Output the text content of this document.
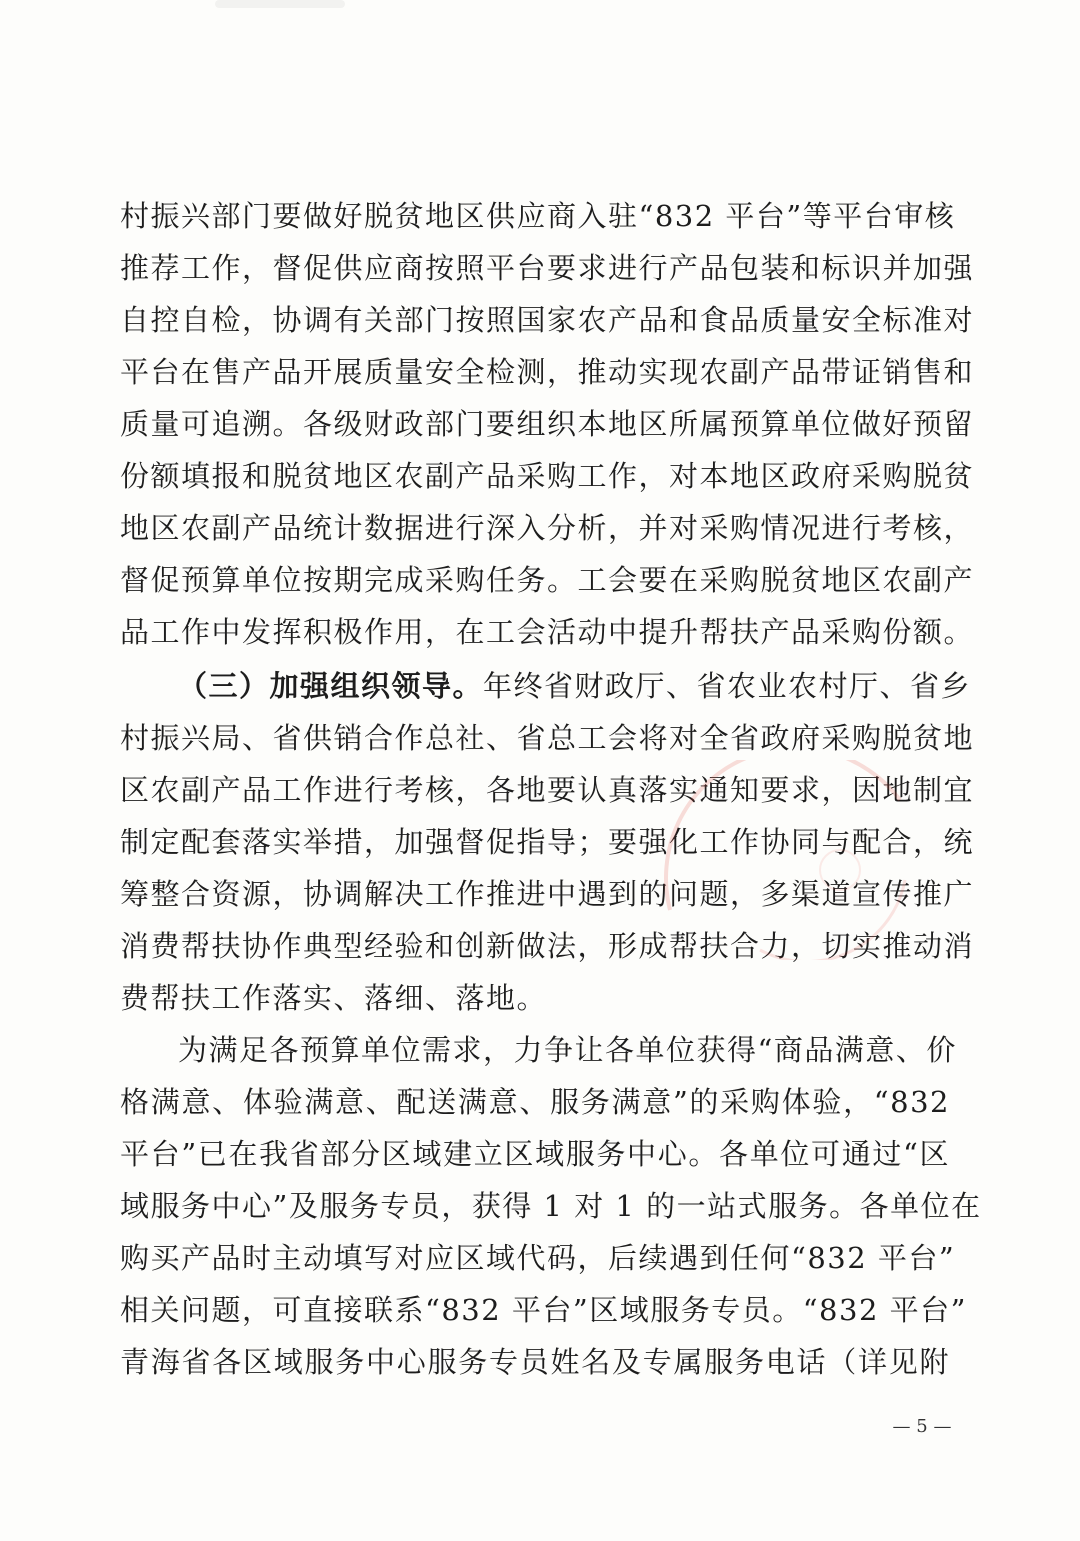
村振兴部门要做好脱贫地区供应商入驻“832 平台”等平台审核
推荐工作，督促供应商按照平台要求进行产品包装和标识并加强
自控自检，协调有关部门按照国家农产品和食品质量安全标准对
平台在售产品开展质量安全检测，推动实现农副产品带证销售和
质量可追溯。各级财政部门要组织本地区所属预算单位做好预留
份额填报和脱贫地区农副产品采购工作，对本地区政府采购脱贫
地区农副产品统计数据进行深入分析，并对采购情况进行考核，
督促预算单位按期完成采购任务。工会要在采购脱贫地区农副产
品工作中发挥积极作用，在工会活动中提升帮扶产品采购份额。
（三）加强组织领导。年终省财政厅、省农业农村厅、省乡
村振兴局、省供销合作总社、省总工会将对全省政府采购脱贫地
区农副产品工作进行考核，各地要认真落实通知要求，因地制宜
制定配套落实举措，加强督促指导；要强化工作协同与配合，统
筹整合资源，协调解决工作推进中遇到的问题，多渠道宣传推广
消费帮扶协作典型经验和创新做法，形成帮扶合力，切实推动消
费帮扶工作落实、落细、落地。
为满足各预算单位需求，力争让各单位获得“商品满意、价
格满意、体验满意、配送满意、服务满意”的采购体验，“832
平台”已在我省部分区域建立区域服务中心。各单位可通过“区
域服务中心”及服务专员，获得 1 对 1 的一站式服务。各单位在
购买产品时主动填写对应区域代码，后续遇到任何“832 平台”
相关问题，可直接联系“832 平台”区域服务专员。“832 平台”
青海省各区域服务中心服务专员姓名及专属服务电话（详见附
— 5 —
